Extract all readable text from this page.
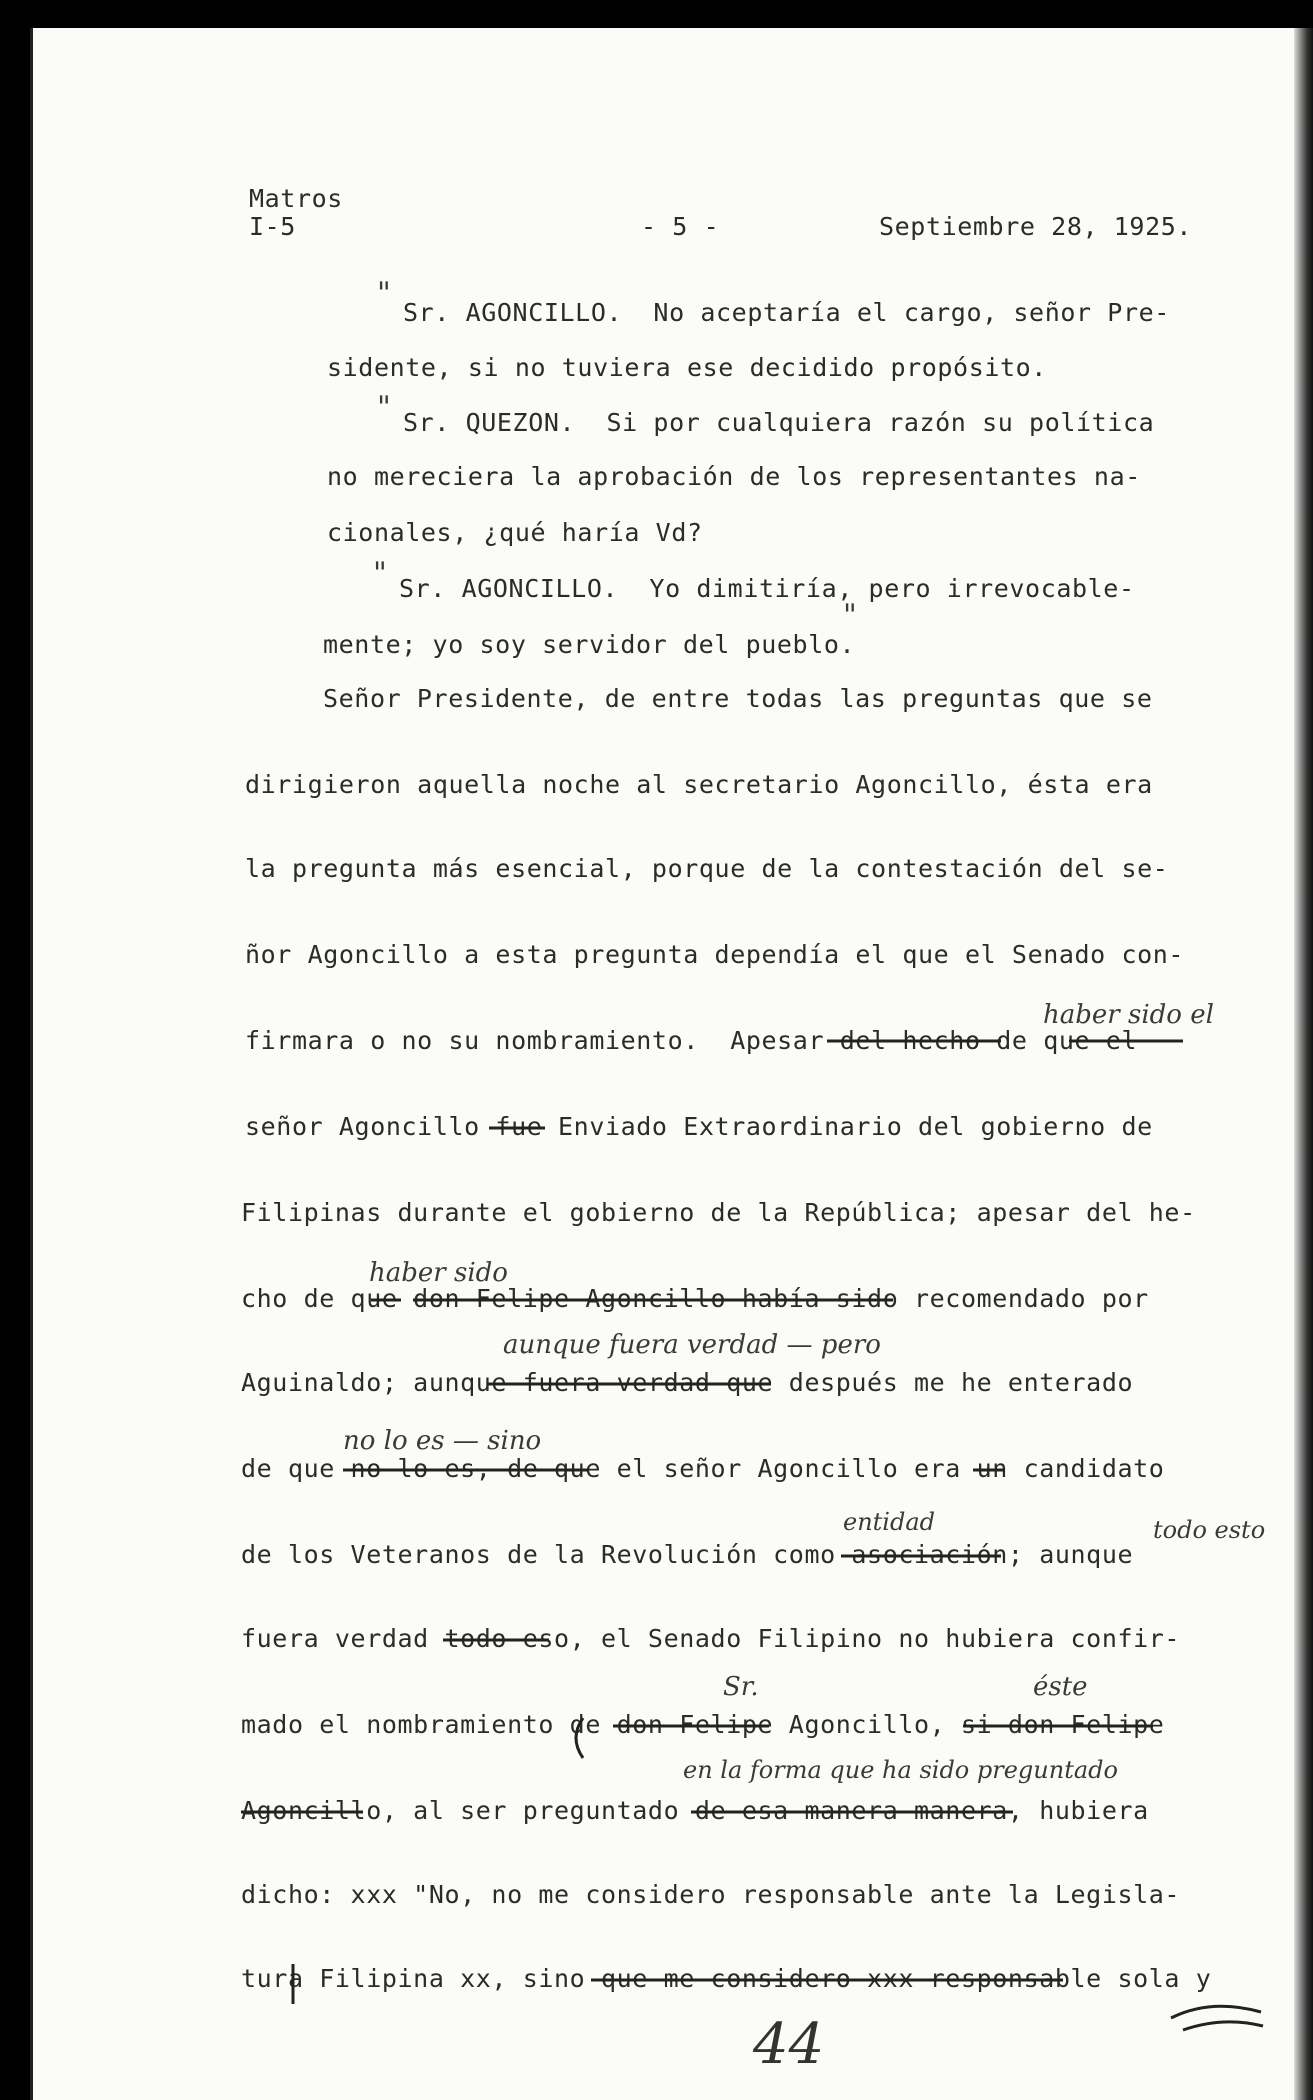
Matros
I-5	- 5 -	Septiembre 28, 1925.
"
Sr. AGONCILLO.  No aceptaría el cargo, señor Pre-
sidente, si no tuviera ese decidido propósito.
" Sr. QUEZON.  Si por cualquiera razón su política
no mereciera la aprobación de los representantes na-
cionales, ¿qué haría Vd?
" Sr. AGONCILLO.  Yo dimitiría, pero irrevocable-
mente; yo soy servidor del pueblo.
"
Señor Presidente, de entre todas las preguntas que se
dirigieron aquella noche al secretario Agoncillo, ésta era
la pregunta más esencial, porque de la contestación del se-
ñor Agoncillo a esta pregunta dependía el que el Senado con-
haber sido el
firmara o no su nombramiento.  Apesar del hecho de que el
señor Agoncillo fue Enviado Extraordinario del gobierno de
Filipinas durante el gobierno de la República; apesar del he-
haber sido
cho de que don Felipe Agoncillo había sido recomendado por
aunque fuera verdad — pero
Aguinaldo; aunque fuera verdad que después me he enterado
no lo es — sino
de que no lo es, de que el señor Agoncillo era un candidato
entidad	todo esto
de los Veteranos de la Revolución como asociación; aunque
fuera verdad todo eso, el Senado Filipino no hubiera confir-
Sr.	éste
mado el nombramiento de don Felipe Agoncillo, si don Felipe
en la forma que ha sido preguntado
Agoncillo, al ser preguntado de esa manera manera, hubiera
dicho: xxx "No, no me considero responsable ante la Legisla-
tura Filipina xx, sino que me considero xxx responsable sola y
44
